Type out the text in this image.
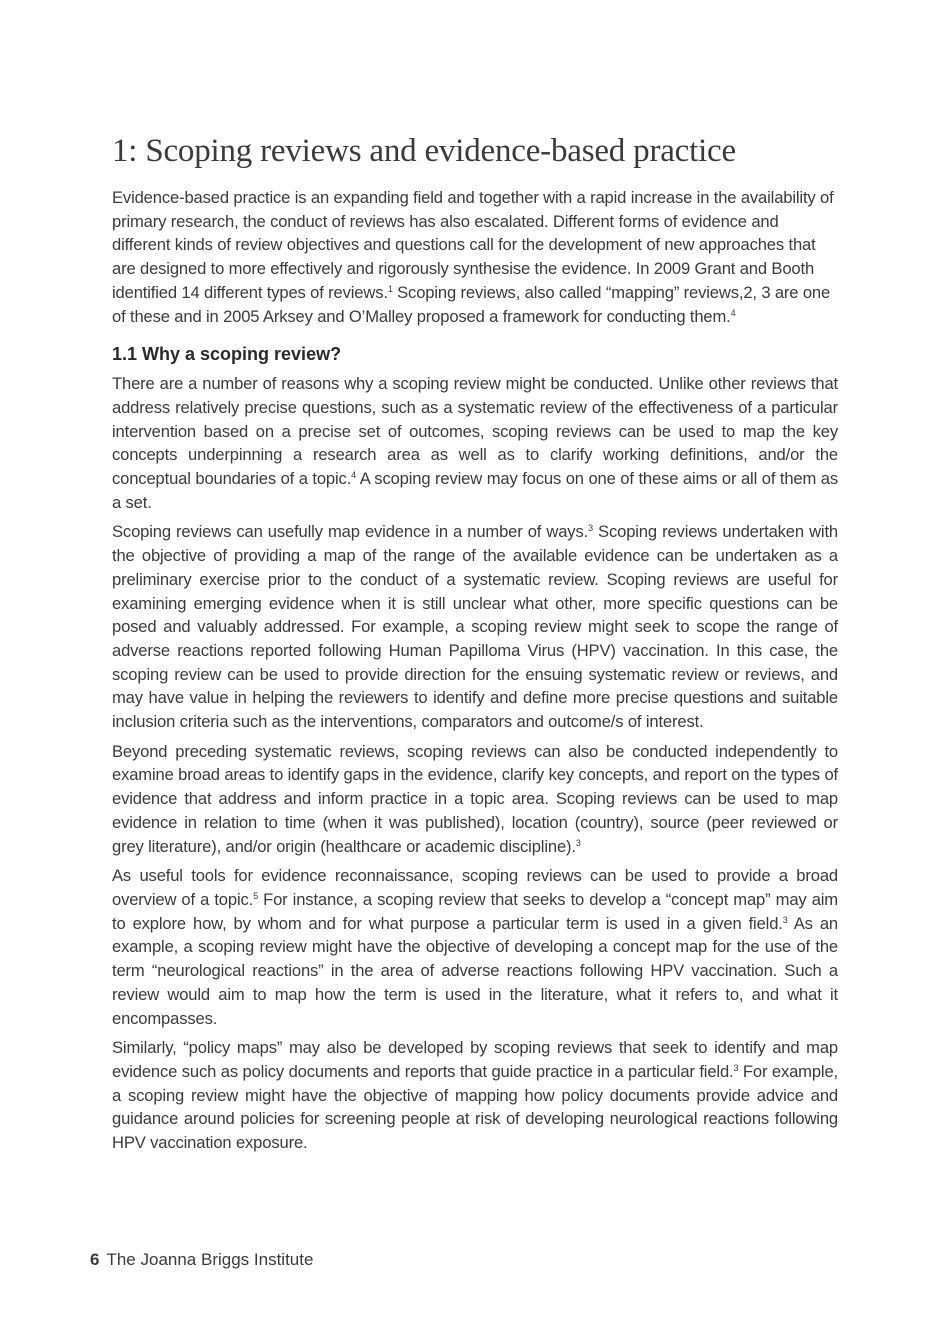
1: Scoping reviews and evidence-based practice

Evidence-based practice is an expanding field and together with a rapid increase in the availability of primary research, the conduct of reviews has also escalated. Different forms of evidence and different kinds of review objectives and questions call for the development of new approaches that are designed to more effectively and rigorously synthesise the evidence. In 2009 Grant and Booth identified 14 different types of reviews.$^1$ Scoping reviews, also called “mapping” reviews,2, 3 are one of these and in 2005 Arksey and O’Malley proposed a framework for conducting them.$^4$

1.1 Why a scoping review?

There are a number of reasons why a scoping review might be conducted. Unlike other reviews that address relatively precise questions, such as a systematic review of the effectiveness of a particular intervention based on a precise set of outcomes, scoping reviews can be used to map the key concepts underpinning a research area as well as to clarify working definitions, and/or the conceptual boundaries of a topic.$^4$ A scoping review may focus on one of these aims or all of them as a set.

Scoping reviews can usefully map evidence in a number of ways.$^3$ Scoping reviews undertaken with the objective of providing a map of the range of the available evidence can be undertaken as a preliminary exercise prior to the conduct of a systematic review. Scoping reviews are useful for examining emerging evidence when it is still unclear what other, more specific questions can be posed and valuably addressed. For example, a scoping review might seek to scope the range of adverse reactions reported following Human Papilloma Virus (HPV) vaccination. In this case, the scoping review can be used to provide direction for the ensuing systematic review or reviews, and may have value in helping the reviewers to identify and define more precise questions and suitable inclusion criteria such as the interventions, comparators and outcome/s of interest.

Beyond preceding systematic reviews, scoping reviews can also be conducted independently to examine broad areas to identify gaps in the evidence, clarify key concepts, and report on the types of evidence that address and inform practice in a topic area. Scoping reviews can be used to map evidence in relation to time (when it was published), location (country), source (peer reviewed or grey literature), and/or origin (healthcare or academic discipline).$^3$

As useful tools for evidence reconnaissance, scoping reviews can be used to provide a broad overview of a topic.$^5$ For instance, a scoping review that seeks to develop a “concept map” may aim to explore how, by whom and for what purpose a particular term is used in a given field.$^3$ As an example, a scoping review might have the objective of developing a concept map for the use of the term “neurological reactions” in the area of adverse reactions following HPV vaccination. Such a review would aim to map how the term is used in the literature, what it refers to, and what it encompasses.

Similarly, “policy maps” may also be developed by scoping reviews that seek to identify and map evidence such as policy documents and reports that guide practice in a particular field.$^3$ For example, a scoping review might have the objective of mapping how policy documents provide advice and guidance around policies for screening people at risk of developing neurological reactions following HPV vaccination exposure.

6 The Joanna Briggs Institute
